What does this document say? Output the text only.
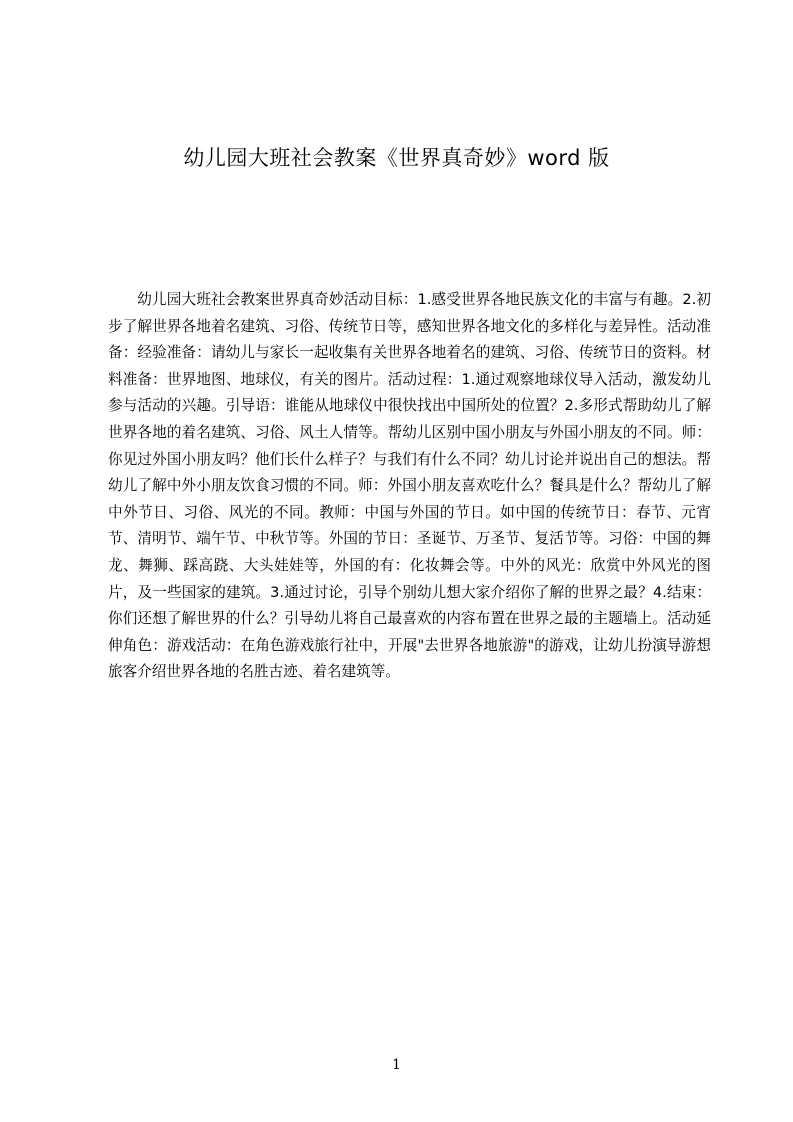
幼儿园大班社会教案《世界真奇妙》word 版

幼儿园大班社会教案世界真奇妙活动目标：1.感受世界各地民族文化的丰富与有趣。2.初步了解世界各地着名建筑、习俗、传统节日等，感知世界各地文化的多样化与差异性。活动准备：经验准备：请幼儿与家长一起收集有关世界各地着名的建筑、习俗、传统节日的资料。材料准备：世界地图、地球仪，有关的图片。活动过程：1.通过观察地球仪导入活动，激发幼儿参与活动的兴趣。引导语：谁能从地球仪中很快找出中国所处的位置？2.多形式帮助幼儿了解世界各地的着名建筑、习俗、风土人情等。帮幼儿区别中国小朋友与外国小朋友的不同。师：你见过外国小朋友吗？他们长什么样子？与我们有什么不同？幼儿讨论并说出自己的想法。帮幼儿了解中外小朋友饮食习惯的不同。师：外国小朋友喜欢吃什么？餐具是什么？帮幼儿了解中外节日、习俗、风光的不同。教师：中国与外国的节日。如中国的传统节日：春节、元宵节、清明节、端午节、中秋节等。外国的节日：圣诞节、万圣节、复活节等。习俗：中国的舞龙、舞狮、踩高跷、大头娃娃等，外国的有：化妆舞会等。中外的风光：欣赏中外风光的图片，及一些国家的建筑。3.通过讨论，引导个别幼儿想大家介绍你了解的世界之最？4.结束：你们还想了解世界的什么？引导幼儿将自己最喜欢的内容布置在世界之最的主题墙上。活动延伸角色：游戏活动：在角色游戏旅行社中，开展"去世界各地旅游"的游戏，让幼儿扮演导游想旅客介绍世界各地的名胜古迹、着名建筑等。

1
